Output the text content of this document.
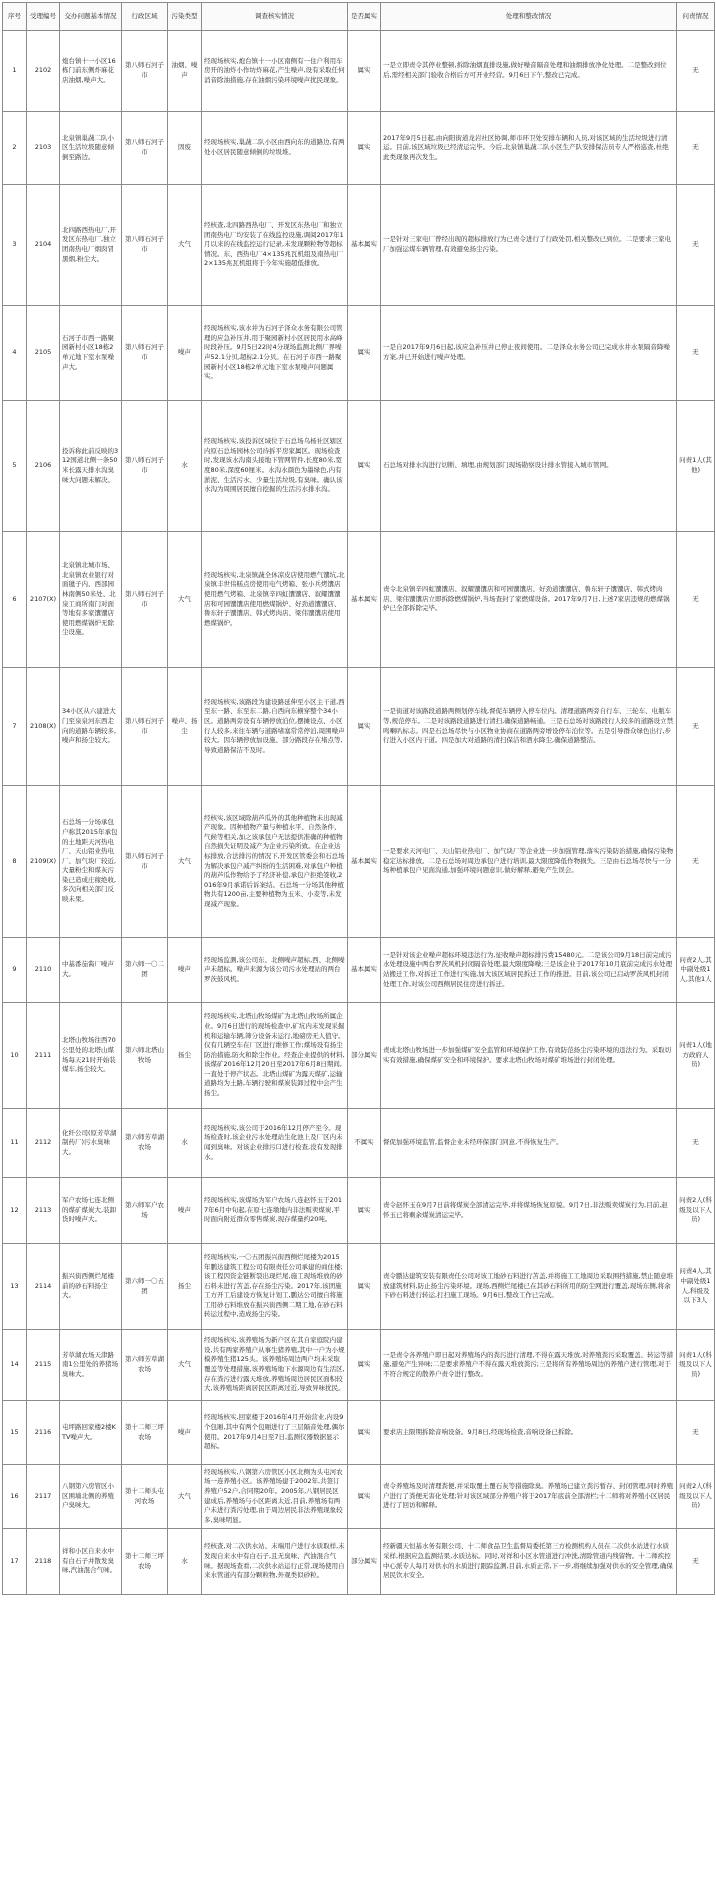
序号	受理编号	交办问题基本情况	行政区域	污染类型	调查核实情况	是否属实	处理和整改情况	问责情况
1	2102	炮台镇十一小区16栋门前东侧炸麻花店油烟,噪声大。	第八师石河子市	油烟、噪声	经现场核实,炮台镇十一小区南侧有一住户利用车房开的油炸小作坊炸麻花,产生噪声,设有采取任何消音除油措施,存在油烟污染环境噪声扰民现象。	属实	一是立即责令其停业整顿,拆除油烟直排设施,做好噪音隔音处理和油烟排放净化处理。二是整改到位后,需经相关部门验收合格后方可开业经营。9月6日下午,整改已完成。	无
2	2103	北泉镇巢蔬二队小区生活垃圾随意倾倒至路边。	第八师石河子市	固废	经现场核实,巢蔬二队小区由西向东的道路边,有两处小区居民随意倾倒的垃圾堆。	属实	2017年9月5日起,由向阳街道龙岩社区协调,师市环卫处安排车辆和人员,对该区域的生活垃圾进行清运。目前,该区域垃圾已经清运完毕。今后,北泉镇巢蔬二队小区生产队安排保洁员专人严格巡查,杜绝此类现象再次发生。	无
3	2104	北四路西热电厂,开发区东热电厂,独立团南热电厂烟囱冒黑烟,粉尘大。	第八师石河子市	大气	经核查,北四路西热电厂、开发区东热电厂和独立团南热电厂均安装了在线监控设施,调阅2017年1月以来的在线监控运行记录,未发现颗粒物等超标情况。东、西热电厂4×135兆瓦机组及南热电厂2×135兆瓦机组将于今年实施超低排放。	基本属实	一是针对三家电厂曾经出现的超标排放行为已责令进行了行政处罚,相关整改已到位。二是要求三家电厂加强运煤车辆管理,有效避免扬尘污染。	无
4	2105	石河子市西一路聚园新村小区18栋2单元地下室水泵噪声大。	第八师石河子市	噪声	经现场核实,该水井为石河子泽众水务有限公司管理的应急补压井,用于聚园新村小区居民用水高峰时段补压。9月5日22时4分现场监测北侧厂界噪声52.1分贝,超标2.1分贝。在石河子市西一路聚园新村小区18栋2单元地下室水泵噪声问题属实。	属实	一是自2017年9月6日起,该应急补压井已停止夜间使用。二是泽众水务公司已完成水井水泵隔音降噪方案,并已开始进行噪声处理。	无
5	2106	投诉称此前反映的312国道北侧一条50米长露天排水沟臭味大问题未解决。	第八师石河子市	水	经现场核实,该投诉区域位于石总场乌杨社区辖区内原石总场园林公司待拆平房家属区。现场检查时,发现该水沟南头接地下管网管件,长度80米,宽度80米,深度60厘米。水沟水颜色为墨绿色,内有淤泥、生活污水、少量生活垃圾,有臭味。确认该水沟为周围居民擅自挖掘的生活污水排水沟。	属实	石总场对排水沟进行切断、填埋,由规划部门现场勘察设计排水管接入城市管网。	问责1人(其他)
6	2107(X)	北泉镇北城市场、北泉镇农业银行对面毽子内、西部园林南侧50米处、北泉工商所南门对面等地有多家馕馕店使用燃煤锅炉无除尘设施。	第八师石河子市	大气	经现场核实,北泉镇蔬全休凉皮店使用燃气馕坑,北泉镇丰世伟糕点房使用电气烤箱、张小兵烤馕店使用燃气烤箱、北泉镇辛四虹馕馕店、叙耀馕馕店和可园馕馕店使用燃煤锅炉、好劲道馕馕店、鲁东轩子馕馕店、韩式烤肉店、梁伟馕馕店使用燃煤锅炉。	基本属实	责令北泉镇辛四虹馕馕店、叙耀馕馕店和可园馕馕店、好劲道馕馕店、鲁东轩子馕馕店、韩式烤肉店、梁伟馕馕店立即拆除燃煤锅炉,当场查封了家燃煤设备。2017年9月7日,上述7家店违规的燃煤锅炉已全部拆除完毕。	无
7	2108(X)	34小区从六建进大门至泉泉河东西走向的道路车辆较多,噪声和扬尘较大。	第八师石河子市	噪声、扬尘	经现场核实,该路段为建设路延伸至小区主干道,西至东一路、东至东二路,自西向东横穿整个34小区。道路两旁设有车辆停放泊位,摆摊设点、小区行人较多,来往车辆与道路堵塞常常停泊,周围噪声较大。因车辆停放加设施、部分路段存在堵点等,导致道路保洁不及时。	属实	一是街道对该路段道路两侧划停车线,督促车辆停入停车位内。清理道路两旁自行车、三轮车、电瓶车等,规范停车。二是对该路段道路进行清扫,确保道路畅通。三是石总场对该路段行人较多的道路设立禁鸣喇叭标志。四是石总场尽快与小区物业协商在道路两旁增设停车泊位等。五是引导群众绿色出行,步行进入小区内干道。四是加大对道路的清扫保洁和洒水降尘,确保道路整洁。	无
8	2109(X)	石总场一分场承包户称其2015年承包的土地距天河热电厂、天山铝业热电厂、加气块厂较近,大量粉尘和煤灰污染已造成庄稼绝收,多次向相关部门反映未果。	第八师石河子市	大气	经核实,该区域除葫芦瓜外的其他种植物未出现减产现象。因种植物产量与种植水平、自然条件、气候等相关,加之该承包户无法提供准确的种植物自然损失证明及减产为企业污染所致。在企业达标排放,合法排污的情况下,开发区管委会和石总场为解决承包户减产纠纷的生活困难,对承包户种植的葫芦瓜作物给予了经济补偿,承包户拒绝签收,2016年9月承诺后诉案结。石总场一分场其他种植物共有1200亩,主要种植物为玉米、小麦等,未发现减产现象。	基本属实	一是要求天河电厂、天山铝业热电厂、加气块厂等企业进一步加强管理,落实污染防治措施,确保污染物稳定达标排放。二是石总场对周边承包户进行培训,最大限度降低作物损失。三是由石总场尽快与一分场种植承包户见面沟通,加强环境问题意识,做好解释,避免产生误会。	无
9	2110	中基番茄酱厂噪声大。	第六师一〇二团	噪声	经现场监测,该公司东、北侧噪声超标,西、北侧噪声未超标。噪声来源为该公司污水处理站的两台罗茨鼓风机。	基本属实	一是针对该企业噪声超标环境违法行为,征收噪声超标排污费15480元。二是该公司9月18日前完成污水处理设施中两台罗茨风机封闭隔音处理,最大限度降噪;三是该企业于2017年10月底前完成污水处理站搬迁工作,对拆迁工作进行实施,加大该区域居民拆迁工作的推进。目前,该公司已启动罗茨风机封闭处理工作,对该公司西侧居民住房进行拆迁。	问责2人,其中副处级1人,其他1人
10	2111	北塔山牧场往西70公里处的北塔山煤场每天21时开始装煤车,扬尘较大。	第六师北塔山牧场	扬尘	经现场核实,北塔山牧场煤矿为北塔山牧场所属企业。9月6日进行的现场检查中,矿坑内未发现采掘机和运输车辆,筛分设备未运行,地磅房无人值守。仅有几辆空车在厂区进行维修工作;煤场设有扬尘防治措施,防火和除尘作业。经查企业提供的材料,该煤矿2016年12月20日至2017年6月8日期间,一直处于停产状态。北塔山煤矿为露天煤矿,运输道路均为土路,车辆行驶和煤炭装卸过程中会产生扬尘。	部分属实	责成北塔山牧场进一步加强煤矿安全监管和环境保护工作,有效防范扬尘污染环境的违法行为。采取切实有效措施,确保煤矿安全和环境保护。要求北塔山牧场对煤矿堆场进行封闭处理。	问责1人(地方政府人员)
11	2112	化纤公司(原芳草湖制药厂)污水臭味大。	第六师芳草湖农场	水	经现场核实,该公司于2016年12月停产至今。现场检查时,该企业污水处理站生化池上及厂区内未闻到臭味。对该企业排污口进行检查,没有发现排水。	不属实	督促加强环境监管,监督企业未经环保部门同意,不得恢复生产。	无
12	2113	军户农场七连北侧的煤矿煤炭大,装卸货时噪声大。	第六师军户农场	噪声	经现场核实,该煤场为军户农场八连赵怀玉于2017年6月中旬起,在原七连墩地内非法贩卖煤炭,平时面向附近群众零售煤炭,现存煤量约20吨。	属实	责令赵怀玉在9月7日前将煤炭全部清运完毕,并将煤场恢复原貌。9月7日,非法贩卖煤炭行为,目前,赵怀玉已将剩余煤炭清运完毕。	问责2人(科级及以下人员)
13	2114	振兴街西侧烂尾楼前的砂石料扬尘大。	第六师一〇五团	扬尘	经现场核实,一〇五团振兴街西侧烂尾楼为2015年鹏达建筑工程公司有限责任公司承建的商住楼;该工程因资金链断裂出现烂尾,施工现场堆放的砂石料未进行苫盖,存在扬尘污染。2017年,该团施工方开工后建设方恢复计划工,鹏达公司擅自将施工用砂石料堆放在振兴街西侧二期工地,在砂石料转运过程中,造成扬尘污染。	属实	责令鹏达建筑安装有限责任公司对该工地砂石料进行苫盖,并将施工工地周边采取围挡措施,禁止随意堆放建筑材料,防止扬尘污染环境。现场,西侧烂尾楼已在其砂石料所用的防尘网进行覆盖,现场东侧,将余下砂石料进行转运,打扫施工现场。9月6日,整改工作已完成。	问责4人,其中副处级1人,科级及以下3人
14	2115	芳草湖农场天津路南1公里处的养猪场臭味大。	第六师芳草湖农场	大气	经现场核实,该养殖场为新户区在其自家庭院内建设,共有两家养殖户从事生猪养殖,其中一户为小规模养殖生猪125头。该养殖场周边两户均未采取覆盖等处理措施,该养殖场地下水源周边有生活区,存在粪污进行露天堆放,养殖场周边居民区面积较大,该养殖场距离居民区距离过近,导致异味扰民。	属实	一是责令各养殖户即日起对养殖场内的粪污进行清理,不得在露天堆放,对养殖粪污采取覆盖、转运等措施,避免产生异味;二是要求养殖户不得在露天堆放粪污;三是将所有养殖场周边的养殖户进行管理,对于不符合规定的散养户责令进行整改。	问责1人(科级及以下人员)
15	2116	屯坪路回家楼2楼KTV噪声大。	第十二师三坪农场	噪声	经现场核实,回家楼于2016年4月开始营业,内设9个包厢,其中有两个包厢进行了三层隔音处理,偶尔使用。2017年9月4日至7日,监测仪器数据显示超标。	属实	要求店主限期拆除音响设备。9月8日,经现场检查,音响设备已拆除。	无
16	2117	八钢第六房管区小区围墙北侧的养殖户臭味大。	第十二师头屯河农场	大气	经现场核实,八钢第六房管区小区北侧为头屯河农场一连养殖小区。该养殖场建于2002年,共签订养殖户52户,合同期20年。2005年,八钢居民区建成后,养殖场与小区距离太近,目前,养殖场有两户未进行粪污处理,由于周边居民非法养殖现象较多,臭味明显。	属实	责令养殖场及时清理粪便,并采取覆土覆石灰等措施除臭。养殖场已建立粪污暂存、封闭管理,同时养殖户进行了粪便无害化处理;针对该区域部分养殖户将于2017年底前全部清栏;十二师将对养殖小区居民进行了回访和解释。	问责2人(科级及以下人员)
17	2118	祥和小区自来水中有白石子并散发臭味,汽油混合气味。	第十二师三坪农场	水	经核查,对二次供水站、末端用户进行水质取样,未发现自来水中有白石子,且无臭味、汽油混合气味。据现场查看,二次供水站运行正常,现场使用自来水管道内有部分颗粒物,外观类似砂粒。	部分属实	经新疆天恒基水务有限公司、十二师食品卫生监督局委托第三方检测机构人员在二次供水站进行水质采样,根据应急监测结果,水质达标。同时,对祥和小区水管道进行冲洗,清除管道内残留物。十二师疾控中心派专人每月对供水的水质进行跟踪监测,目前,水质正常,下一步,将继续加强对供水的安全管理,确保居民饮水安全。	无
